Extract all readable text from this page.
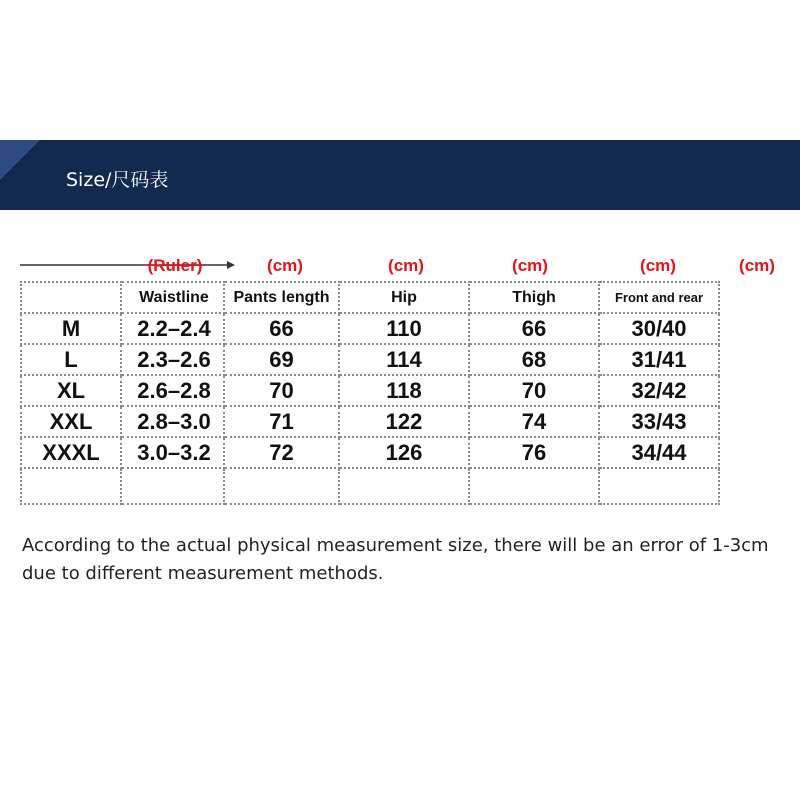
Size/尺码表
(Ruler)	(cm)	(cm)	(cm)	(cm)	(cm)
	Waistline	Pants length	Hip	Thigh	Front and rear	
M	2.2–2.4	66	110	66	30/40	
L	2.3–2.6	69	114	68	31/41	
XL	2.6–2.8	70	118	70	32/42	
XXL	2.8–3.0	71	122	74	33/43	
XXXL	3.0–3.2	72	126	76	34/44	

According to the actual physical measurement size, there will be an error of 1-3cm due to different measurement methods.
